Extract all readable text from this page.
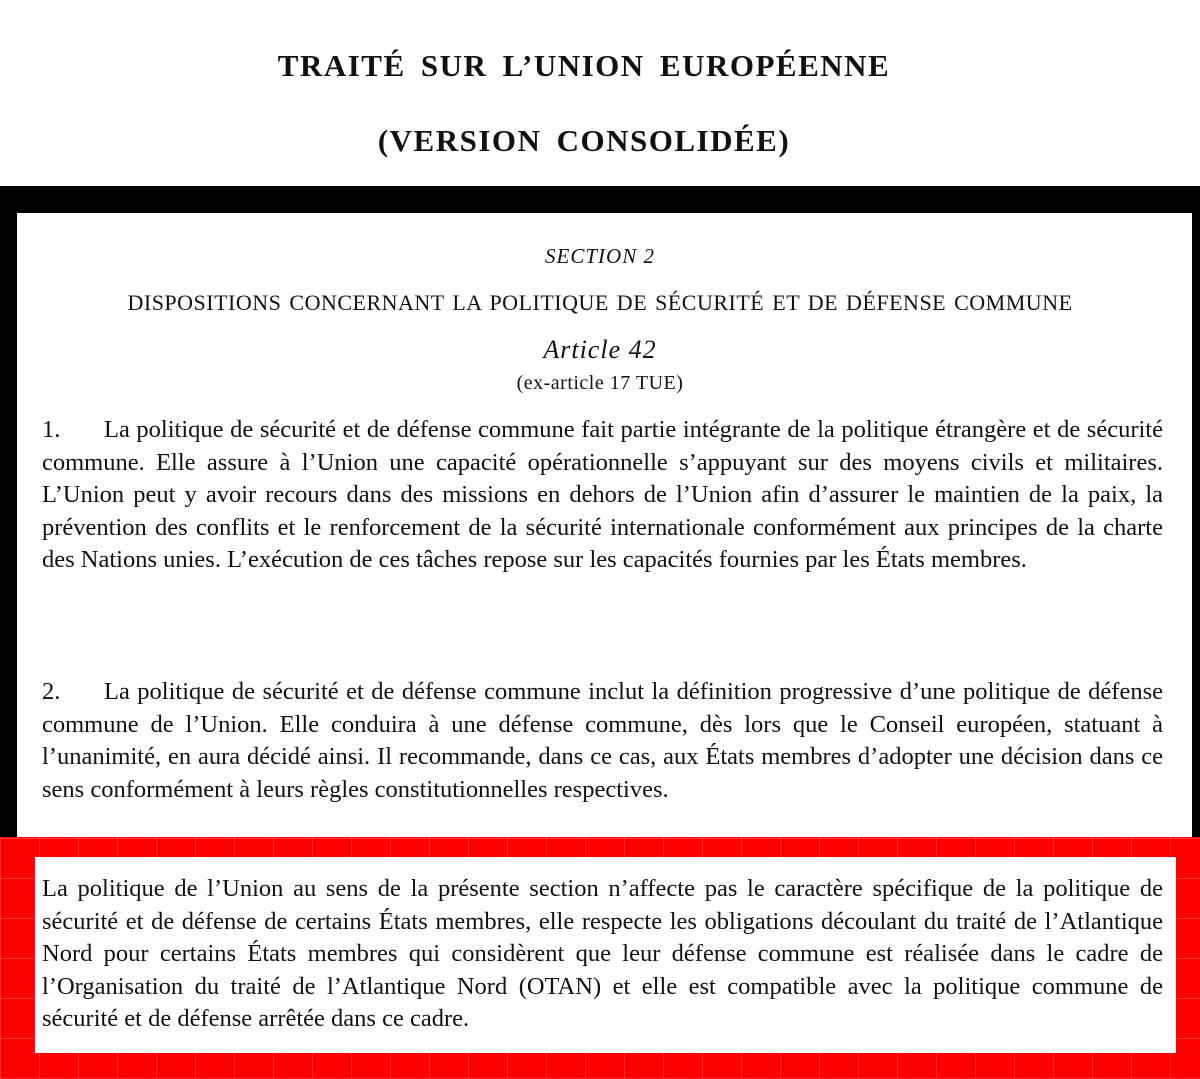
TRAITÉ SUR L’UNION EUROPÉENNE
(VERSION CONSOLIDÉE)
SECTION 2
DISPOSITIONS CONCERNANT LA POLITIQUE DE SÉCURITÉ ET DE DÉFENSE COMMUNE
Article 42
(ex-article 17 TUE)

1. La politique de sécurité et de défense commune fait partie intégrante de la politique étrangère et de sécurité commune. Elle assure à l’Union une capacité opérationnelle s’appuyant sur des moyens civils et militaires. L’Union peut y avoir recours dans des missions en dehors de l’Union afin d’assurer le maintien de la paix, la prévention des conflits et le renforcement de la sécurité internationale conformément aux principes de la charte des Nations unies. L’exécution de ces tâches repose sur les capacités fournies par les États membres.

2. La politique de sécurité et de défense commune inclut la définition progressive d’une politique de défense commune de l’Union. Elle conduira à une défense commune, dès lors que le Conseil européen, statuant à l’unanimité, en aura décidé ainsi. Il recommande, dans ce cas, aux États membres d’adopter une décision dans ce sens conformément à leurs règles constitutionnelles respectives.

La politique de l’Union au sens de la présente section n’affecte pas le caractère spécifique de la politique de sécurité et de défense de certains États membres, elle respecte les obligations découlant du traité de l’Atlantique Nord pour certains États membres qui considèrent que leur défense commune est réalisée dans le cadre de l’Organisation du traité de l’Atlantique Nord (OTAN) et elle est compatible avec la politique commune de sécurité et de défense arrêtée dans ce cadre.
